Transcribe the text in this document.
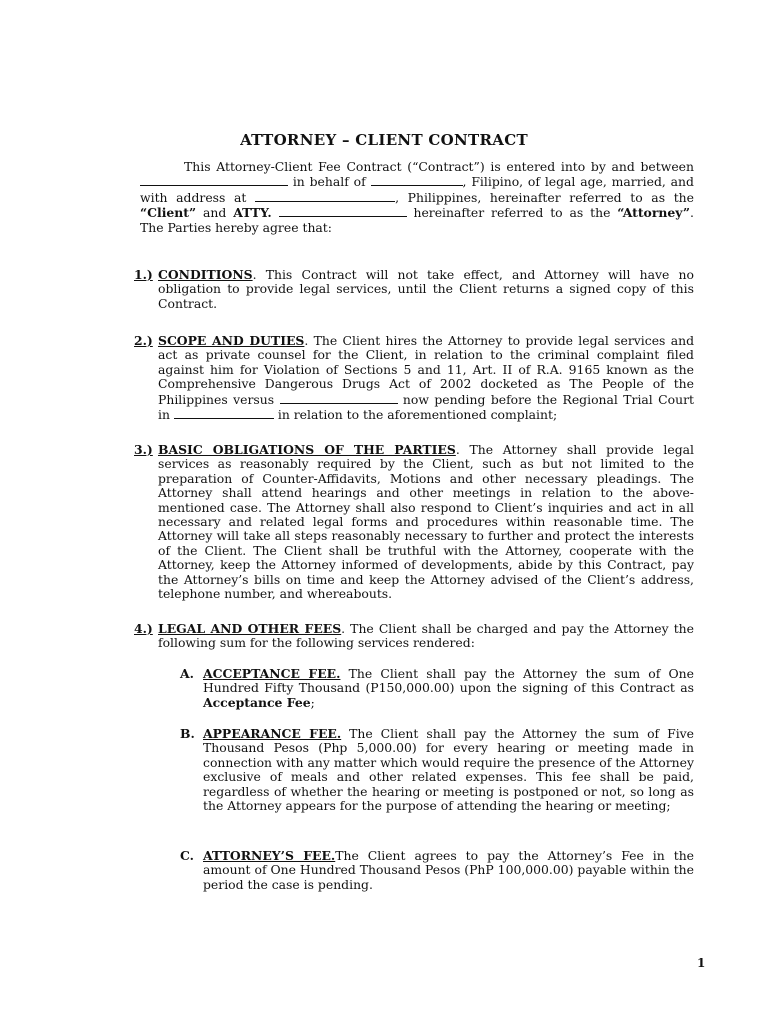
ATTORNEY – CLIENT CONTRACT
This Attorney-Client Fee Contract (“Contract”) is entered into by and between  in behalf of	, Filipino, of legal age, married, and with address at	, Philippines, hereinafter referred to as the “Client” and ATTY.	hereinafter referred to as the “Attorney”. The Parties hereby agree that:
1.) CONDITIONS. This Contract will not take effect, and Attorney will have no obligation to provide legal services, until the Client returns a signed copy of this Contract.
2.) SCOPE AND DUTIES. The Client hires the Attorney to provide legal services and act as private counsel for the Client, in relation to the criminal complaint filed against him for Violation of Sections 5 and 11, Art. II of R.A. 9165 known as the Comprehensive Dangerous Drugs Act of 2002 docketed as The People of the Philippines versus	now pending before the Regional Trial Court in	in relation to the aforementioned complaint;
3.) BASIC OBLIGATIONS OF THE PARTIES. The Attorney shall provide legal services as reasonably required by the Client, such as but not limited to the preparation of Counter-Affidavits, Motions and other necessary pleadings. The Attorney shall attend hearings and other meetings in relation to the above-mentioned case. The Attorney shall also respond to Client’s inquiries and act in all necessary and related legal forms and procedures within reasonable time. The Attorney will take all steps reasonably necessary to further and protect the interests of the Client. The Client shall be truthful with the Attorney, cooperate with the Attorney, keep the Attorney informed of developments, abide by this Contract, pay the Attorney’s bills on time and keep the Attorney advised of the Client’s address, telephone number, and whereabouts.
4.) LEGAL AND OTHER FEES. The Client shall be charged and pay the Attorney the following sum for the following services rendered:
A. ACCEPTANCE FEE. The Client shall pay the Attorney the sum of One Hundred Fifty Thousand (P150,000.00) upon the signing of this Contract as Acceptance Fee;
B. APPEARANCE FEE. The Client shall pay the Attorney the sum of Five Thousand Pesos (Php 5,000.00) for every hearing or meeting made in connection with any matter which would require the presence of the Attorney exclusive of meals and other related expenses. This fee shall be paid, regardless of whether the hearing or meeting is postponed or not, so long as the Attorney appears for the purpose of attending the hearing or meeting;
C. ATTORNEY’S FEE.The Client agrees to pay the Attorney’s Fee in the amount of One Hundred Thousand Pesos (PhP 100,000.00) payable within the period the case is pending.
1
